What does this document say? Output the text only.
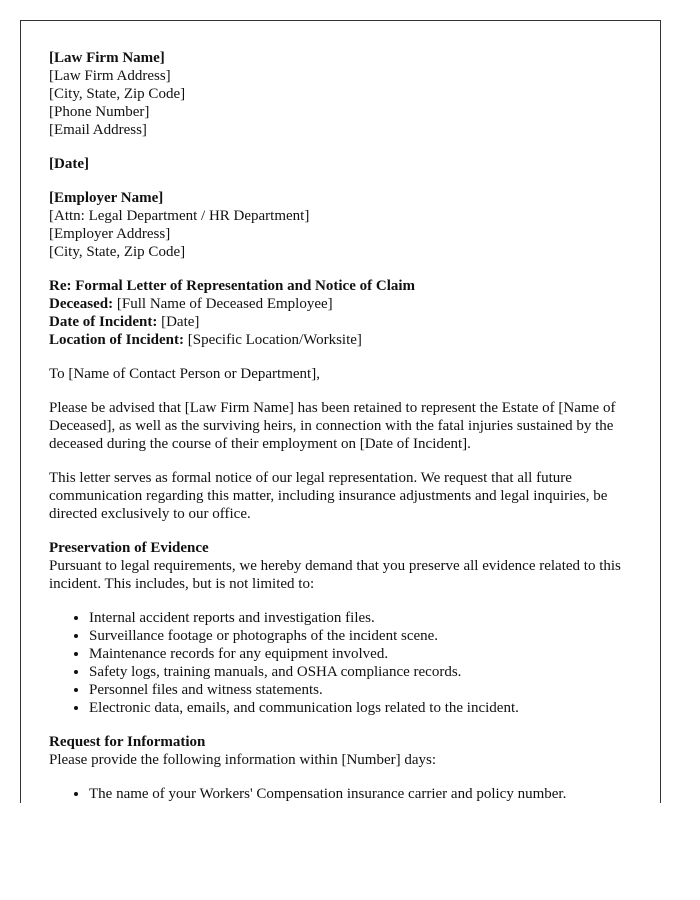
[Law Firm Name]
[Law Firm Address]
[City, State, Zip Code]
[Phone Number]
[Email Address]

[Date]

[Employer Name]
[Attn: Legal Department / HR Department]
[Employer Address]
[City, State, Zip Code]

Re: Formal Letter of Representation and Notice of Claim
Deceased: [Full Name of Deceased Employee]
Date of Incident: [Date]
Location of Incident: [Specific Location/Worksite]

To [Name of Contact Person or Department],

Please be advised that [Law Firm Name] has been retained to represent the Estate of [Name of Deceased], as well as the surviving heirs, in connection with the fatal injuries sustained by the deceased during the course of their employment on [Date of Incident].

This letter serves as formal notice of our legal representation. We request that all future communication regarding this matter, including insurance adjustments and legal inquiries, be directed exclusively to our office.

Preservation of Evidence
Pursuant to legal requirements, we hereby demand that you preserve all evidence related to this incident. This includes, but is not limited to:

• Internal accident reports and investigation files.
• Surveillance footage or photographs of the incident scene.
• Maintenance records for any equipment involved.
• Safety logs, training manuals, and OSHA compliance records.
• Personnel files and witness statements.
• Electronic data, emails, and communication logs related to the incident.

Request for Information
Please provide the following information within [Number] days:

• The name of your Workers' Compensation insurance carrier and policy number.
